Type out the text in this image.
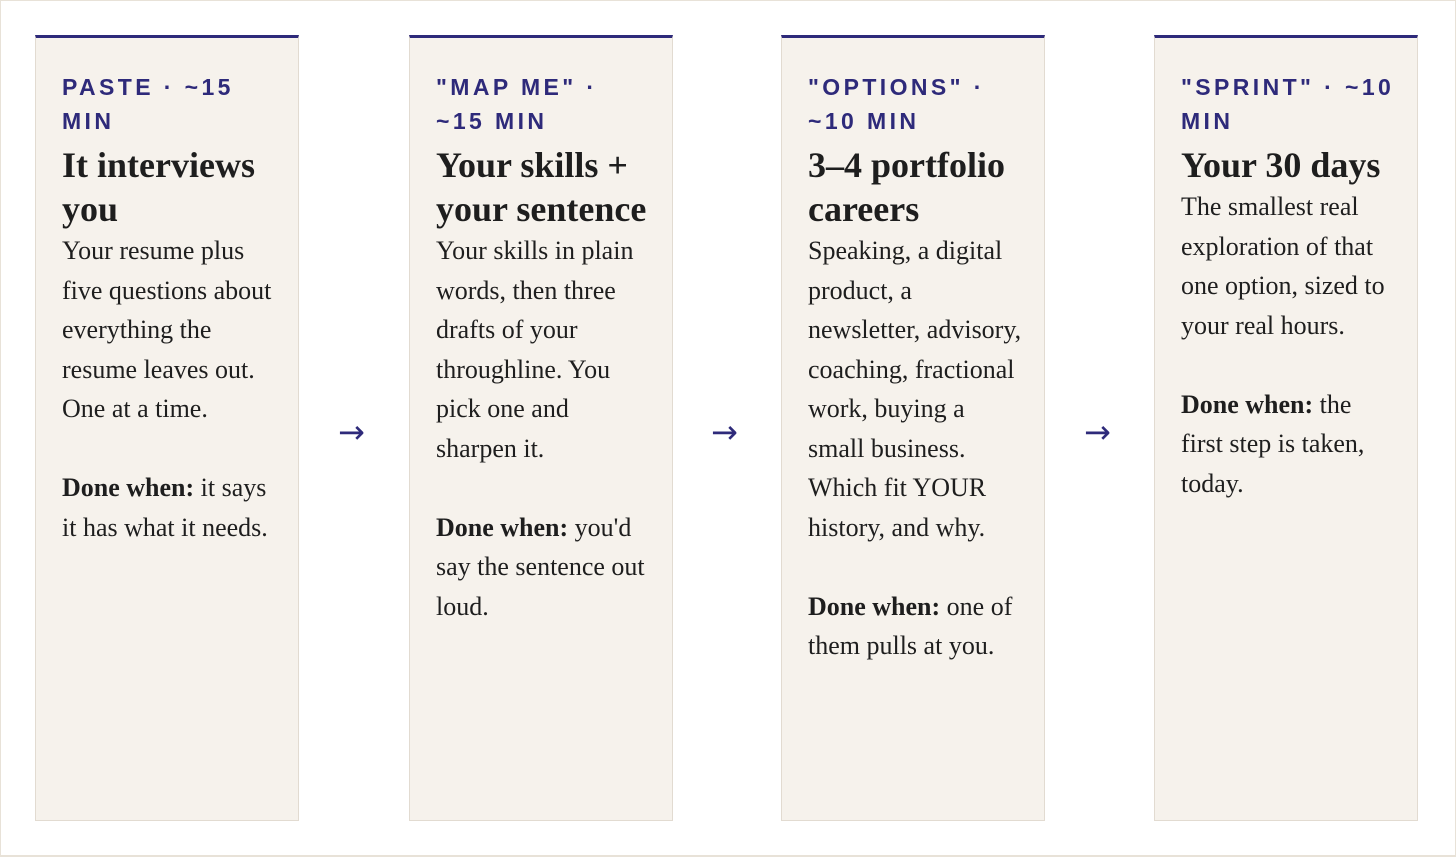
PASTE · ~15 MIN
It interviews you
Your resume plus five questions about everything the resume leaves out. One at a time.
Done when: it says it has what it needs.
→
"MAP ME" · ~15 MIN
Your skills + your sentence
Your skills in plain words, then three drafts of your throughline. You pick one and sharpen it.
Done when: you'd say the sentence out loud.
→
"OPTIONS" · ~10 MIN
3–4 portfolio careers
Speaking, a digital product, a newsletter, advisory, coaching, fractional work, buying a small business. Which fit YOUR history, and why.
Done when: one of them pulls at you.
→
"SPRINT" · ~10 MIN
Your 30 days
The smallest real exploration of that one option, sized to your real hours.
Done when: the first step is taken, today.
